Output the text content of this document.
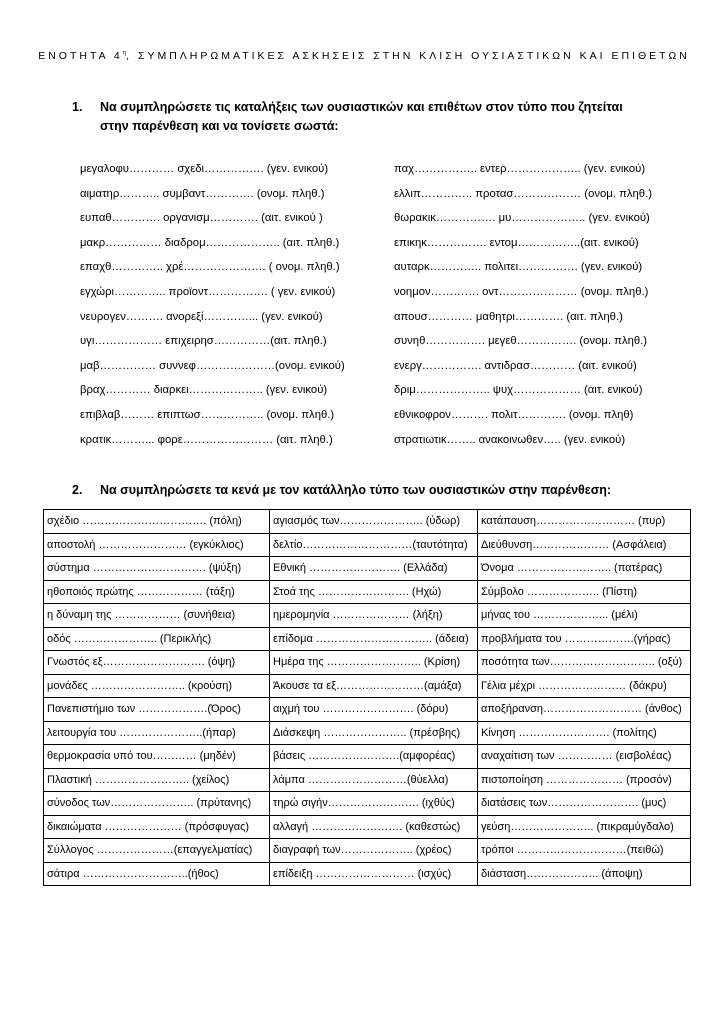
ΕΝΟΤΗΤΑ $4^\eta$, ΣΥΜΠΛΗΡΩΜΑΤΙΚΕΣ ΑΣΚΗΣΕΙΣ ΣΤΗΝ ΚΛΙΣΗ ΟΥΣΙΑΣΤΙΚΩΝ ΚΑΙ ΕΠΙΘΕΤΩΝ
1. Να συμπληρώσετε τις καταλήξεις των ουσιαστικών και επιθέτων στον τύπο που ζητείται στην παρένθεση και να τονίσετε σωστά:
μεγαλοφυ………… σχεδι……………. (γεν. ενικού)	παχ…………….. εντερ……………….. (γεν. ενικού)
αιματηρ……….. συμβαντ…………. (ονομ. πληθ.)	ελλιπ………….. προτασ……………… (ονομ. πληθ.)
ευπαθ…………. οργανισμ…………. (αιτ. ενικού )	θωρακικ……………. μυ……………….. (γεν. ενικού)
μακρ…………… διαδρομ……………….. (αιτ. πληθ.)	επικηκ……………. εντομ……………..(αιτ. ενικού)
επαχθ………….. χρέ…………………. ( ονομ. πληθ.)	αυταρκ………….. πολιτει……………. (γεν. ενικού)
εγχώρι………….. προϊοντ……………. ( γεν. ενικού)	νοημον…………. οντ………………… (ονομ. πληθ.)
νευρογεν………. ανορεξί…………... (γεν. ενικού)	απουσ………… μαθητρι…………. (αιτ. πληθ.)
υγι……………… επιχειρησ……………(αιτ. πληθ.)	συνηθ……………. μεγεθ……………. (ονομ. πληθ.)
μαβ…………… συννεφ…………………(ονομ. ενικού)	ενεργ……………. αντιδρασ………… (αιτ. ενικού)
βραχ………… διαρκει……………….. (γεν. ενικού)	δριμ……………….. ψυχ……………… (αιτ. ενικού)
επιβλαβ……… επιπτωσ…………….. (ονομ. πληθ.)	εθνικοφρον………. πολιτ…………. (ονομ. πληθ)
κρατικ………... φορε…………………… (αιτ. πληθ.)	στρατιωτικ…….. ανακοινωθεν….. (γεν. ενικού)
2. Να συμπληρώσετε τα κενά με τον κατάλληλο τύπο των ουσιαστικών στην παρένθεση:
σχέδιο ……………………………. (πόλη)	αγιασμός των………………….. (ύδωρ)	κατάπαυση……………………… (πυρ)
αποστολή …………………… (εγκύκλιος)	δελτίο…………………………(ταυτότητα)	Διεύθυνση………………… (Ασφάλεια)
σύστημα …………………………. (ψύξη)	Εθνική ……………………. (Ελλάδα)	Όνομα …………………….. (πατέρας)
ηθοποιός πρώτης ……………… (τάξη)	Στοά της ……………………. (Ηχώ)	Σύμβολο ……………….. (Πίστη)
η δύναμη της ……………… (συνήθεια)	ημερομηνία ………………… (λήξη)	μήνας του ………………... (μέλι)
οδός ………………….. (Περικλής)	επίδομα ………………………….. (άδεια)	προβλήματα του ……………….(γήρας)
Γνωστός εξ………………………. (όψη)	Ημέρα της …………………….. (Κρίση)	ποσότητα των……………………….. (οξύ)
μονάδες …………………….. (κρούση)	Άκουσε τα εξ……………………(αμάξα)	Γέλια μέχρι …………………… (δάκρυ)
Πανεπιστήμιο των ……………….(Όρος)	αιχμή του ……………………. (δόρυ)	αποξήρανση……………………… (άνθος)
λειτουργία του …………………..(ήπαρ)	Διάσκεψη ………………….. (πρέσβης)	Κίνηση ……………………. (πολίτης)
θερμοκρασία υπό του………… (μηδέν)	βάσεις …………………….(αμφορέας)	αναχαίτιση των …………… (εισβολέας)
Πλαστική …………………….. (χείλος)	λάμπα ………………………(θύελλα)	πιστοποίηση ………………… (προσόν)
σύνοδος των………………….. (πρύτανης)	τηρώ σιγήν……………………. (ιχθύς)	διατάσεις των……………………. (μυς)
δικαιώματα ………………… (πρόσφυγας)	αλλαγή ……………………. (καθεστώς)	γεύση………………….. (πικραμύγδαλο)
Σύλλογος …………………(επαγγελματίας)	διαγραφή των……………….. (χρέος)	τρόποι …………………………(πειθώ)
σάτιρα ………………………..(ήθος)	επίδειξη ……………………… (ισχύς)	διάσταση……………….. (άποψη)
